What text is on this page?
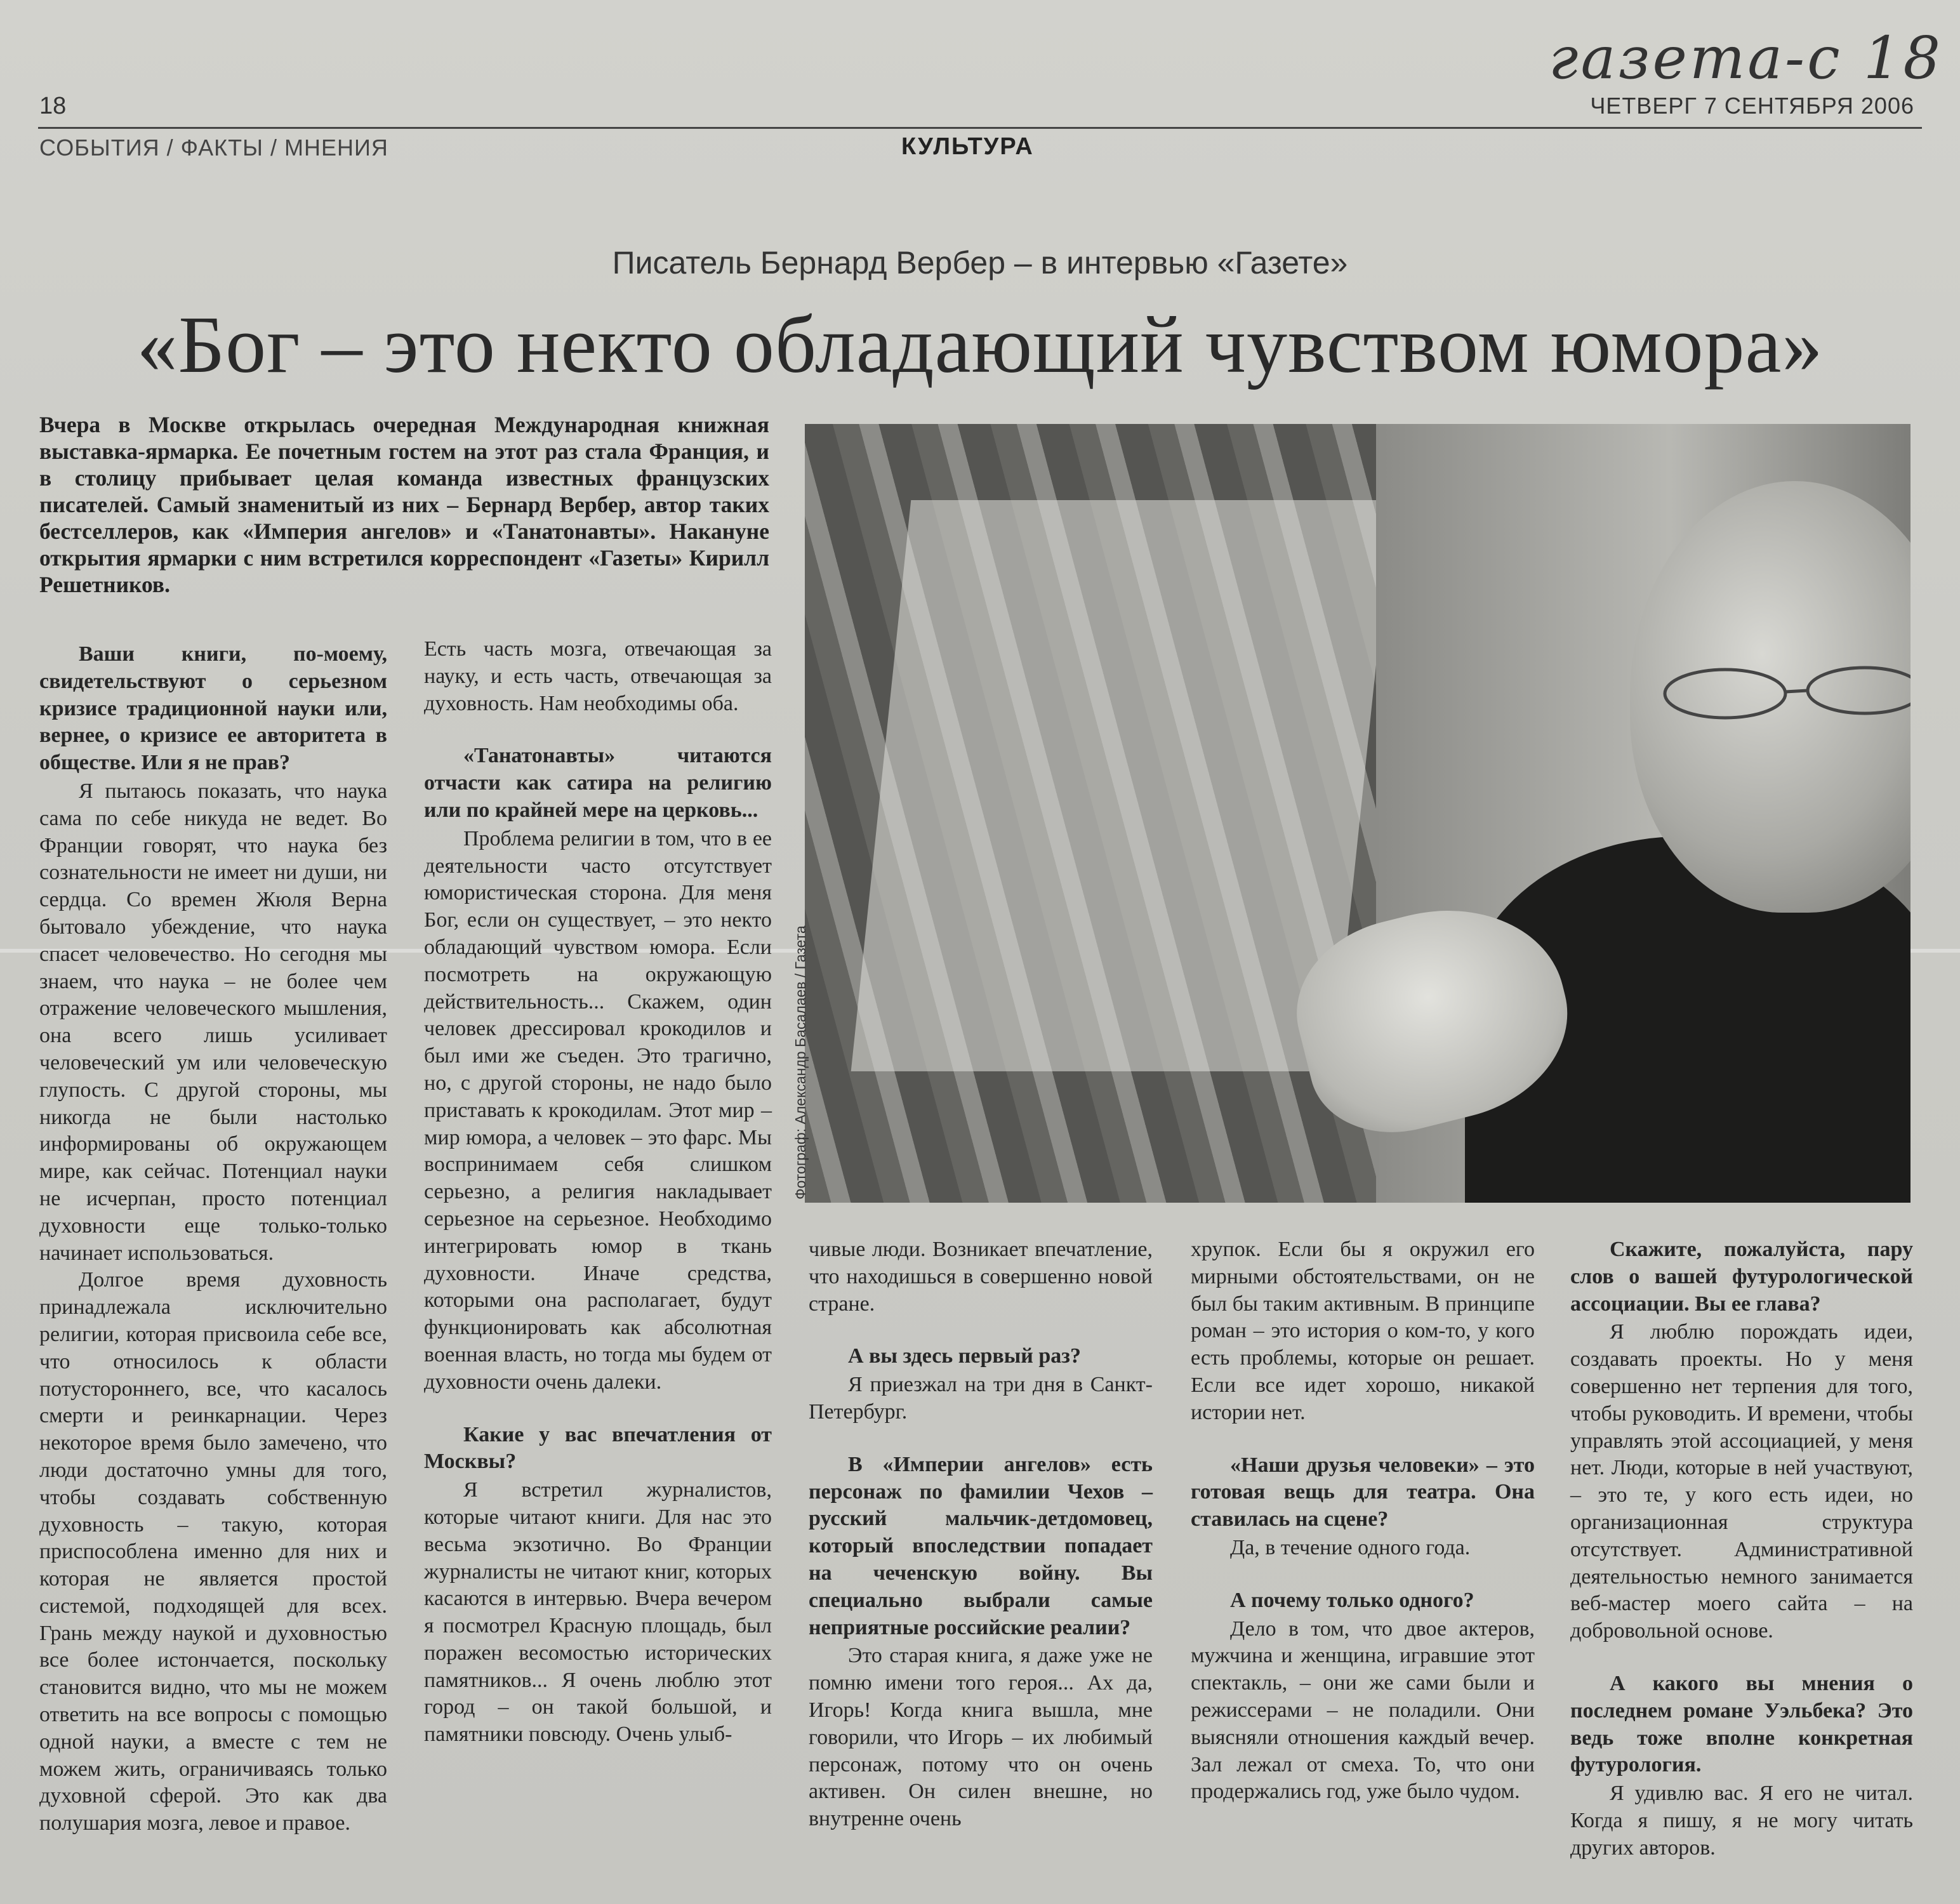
газета-с 18
18	ЧЕТВЕРГ 7 СЕНТЯБРЯ 2006
СОБЫТИЯ / ФАКТЫ / МНЕНИЯ	КУЛЬТУРА
Писатель Бернард Вербер – в интервью «Газете»
«Бог – это некто обладающий чувством юмора»
Вчера в Москве открылась очередная Международная книжная выставка-ярмарка. Ее почетным гостем на этот раз стала Франция, и в столицу прибывает целая команда известных французских писателей. Самый знаменитый из них – Бернард Вербер, автор таких бестселлеров, как «Империя ангелов» и «Танатонавты». Накануне открытия ярмарки с ним встретился корреспондент «Газеты» Кирилл Решетников.
Фотограф: Александр Басалаев / Газета

Ваши книги, по-моему, свидетельствуют о серьезном кризисе традиционной науки или, вернее, о кризисе ее авторитета в обществе. Или я не прав?

Я пытаюсь показать, что наука сама по себе никуда не ведет. Во Франции говорят, что наука без сознательности не имеет ни души, ни сердца. Со времен Жюля Верна бытовало убеждение, что наука спасет человечество. Но сегодня мы знаем, что наука – не более чем отражение человеческого мышления, она всего лишь усиливает человеческий ум или человеческую глупость. С другой стороны, мы никогда не были настолько информированы об окружающем мире, как сейчас. Потенциал науки не исчерпан, просто потенциал духовности еще только-только начинает использоваться.

Долгое время духовность принадлежала исключительно религии, которая присвоила себе все, что относилось к области потустороннего, все, что касалось смерти и реинкарнации. Через некоторое время было замечено, что люди достаточно умны для того, чтобы создавать собственную духовность – такую, которая приспособлена именно для них и которая не является простой системой, подходящей для всех. Грань между наукой и духовностью все более истончается, поскольку становится видно, что мы не можем ответить на все вопросы с помощью одной науки, а вместе с тем не можем жить, ограничиваясь только духовной сферой. Это как два полушария мозга, левое и правое.

Есть часть мозга, отвечающая за науку, и есть часть, отвечающая за духовность. Нам необходимы оба.

«Танатонавты» читаются отчасти как сатира на религию или по крайней мере на церковь...

Проблема религии в том, что в ее деятельности часто отсутствует юмористическая сторона. Для меня Бог, если он существует, – это некто обладающий чувством юмора. Если посмотреть на окружающую действительность... Скажем, один человек дрессировал крокодилов и был ими же съеден. Это трагично, но, с другой стороны, не надо было приставать к крокодилам. Этот мир – мир юмора, а человек – это фарс. Мы воспринимаем себя слишком серьезно, а религия накладывает серьезное на серьезное. Необходимо интегрировать юмор в ткань духовности. Иначе средства, которыми она располагает, будут функционировать как абсолютная военная власть, но тогда мы будем от духовности очень далеки.

Какие у вас впечатления от Москвы?

Я встретил журналистов, которые читают книги. Для нас это весьма экзотично. Во Франции журналисты не читают книг, которых касаются в интервью. Вчера вечером я посмотрел Красную площадь, был поражен весомостью исторических памятников... Я очень люблю этот город – он такой большой, и памятники повсюду. Очень улыб-

чивые люди. Возникает впечатление, что находишься в совершенно новой стране.

А вы здесь первый раз?

Я приезжал на три дня в Санкт-Петербург.

В «Империи ангелов» есть персонаж по фамилии Чехов – русский мальчик-детдомовец, который впоследствии попадает на чеченскую войну. Вы специально выбрали самые неприятные российские реалии?

Это старая книга, я даже уже не помню имени того героя... Ах да, Игорь! Когда книга вышла, мне говорили, что Игорь – их любимый персонаж, потому что он очень активен. Он силен внешне, но внутренне очень

хрупок. Если бы я окружил его мирными обстоятельствами, он не был бы таким активным. В принципе роман – это история о ком-то, у кого есть проблемы, которые он решает. Если все идет хорошо, никакой истории нет.

«Наши друзья человеки» – это готовая вещь для театра. Она ставилась на сцене?

Да, в течение одного года.

А почему только одного?

Дело в том, что двое актеров, мужчина и женщина, игравшие этот спектакль, – они же сами были и режиссерами – не поладили. Они выясняли отношения каждый вечер. Зал лежал от смеха. То, что они продержались год, уже было чудом.

Скажите, пожалуйста, пару слов о вашей футурологической ассоциации. Вы ее глава?

Я люблю порождать идеи, создавать проекты. Но у меня совершенно нет терпения для того, чтобы руководить. И времени, чтобы управлять этой ассоциацией, у меня нет. Люди, которые в ней участвуют, – это те, у кого есть идеи, но организационная структура отсутствует. Административной деятельностью немного занимается веб-мастер моего сайта – на добровольной основе.

А какого вы мнения о последнем романе Уэльбека? Это ведь тоже вполне конкретная футурология.

Я удивлю вас. Я его не читал. Когда я пишу, я не могу читать других авторов.
